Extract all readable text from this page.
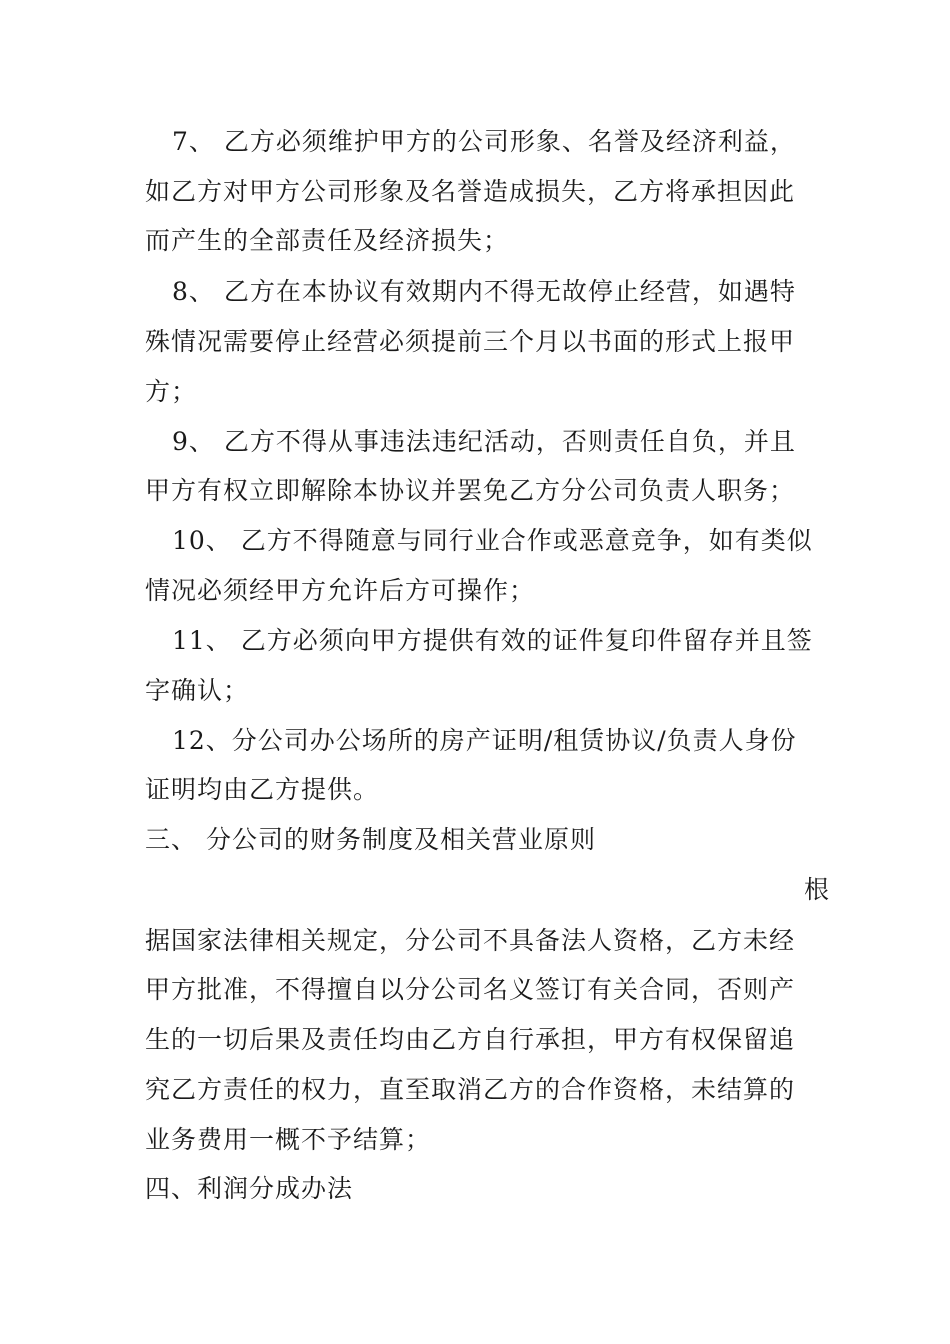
7、 乙方必须维护甲方的公司形象、名誉及经济利益，
如乙方对甲方公司形象及名誉造成损失，乙方将承担因此
而产生的全部责任及经济损失；
8、 乙方在本协议有效期内不得无故停止经营，如遇特
殊情况需要停止经营必须提前三个月以书面的形式上报甲
方；
9、 乙方不得从事违法违纪活动，否则责任自负，并且
甲方有权立即解除本协议并罢免乙方分公司负责人职务；
10、 乙方不得随意与同行业合作或恶意竞争，如有类似
情况必须经甲方允许后方可操作；
11、 乙方必须向甲方提供有效的证件复印件留存并且签
字确认；
12、分公司办公场所的房产证明/租赁协议/负责人身份
证明均由乙方提供。
三、 分公司的财务制度及相关营业原则
根
据国家法律相关规定，分公司不具备法人资格，乙方未经
甲方批准，不得擅自以分公司名义签订有关合同，否则产
生的一切后果及责任均由乙方自行承担，甲方有权保留追
究乙方责任的权力，直至取消乙方的合作资格，未结算的
业务费用一概不予结算；
四、利润分成办法
